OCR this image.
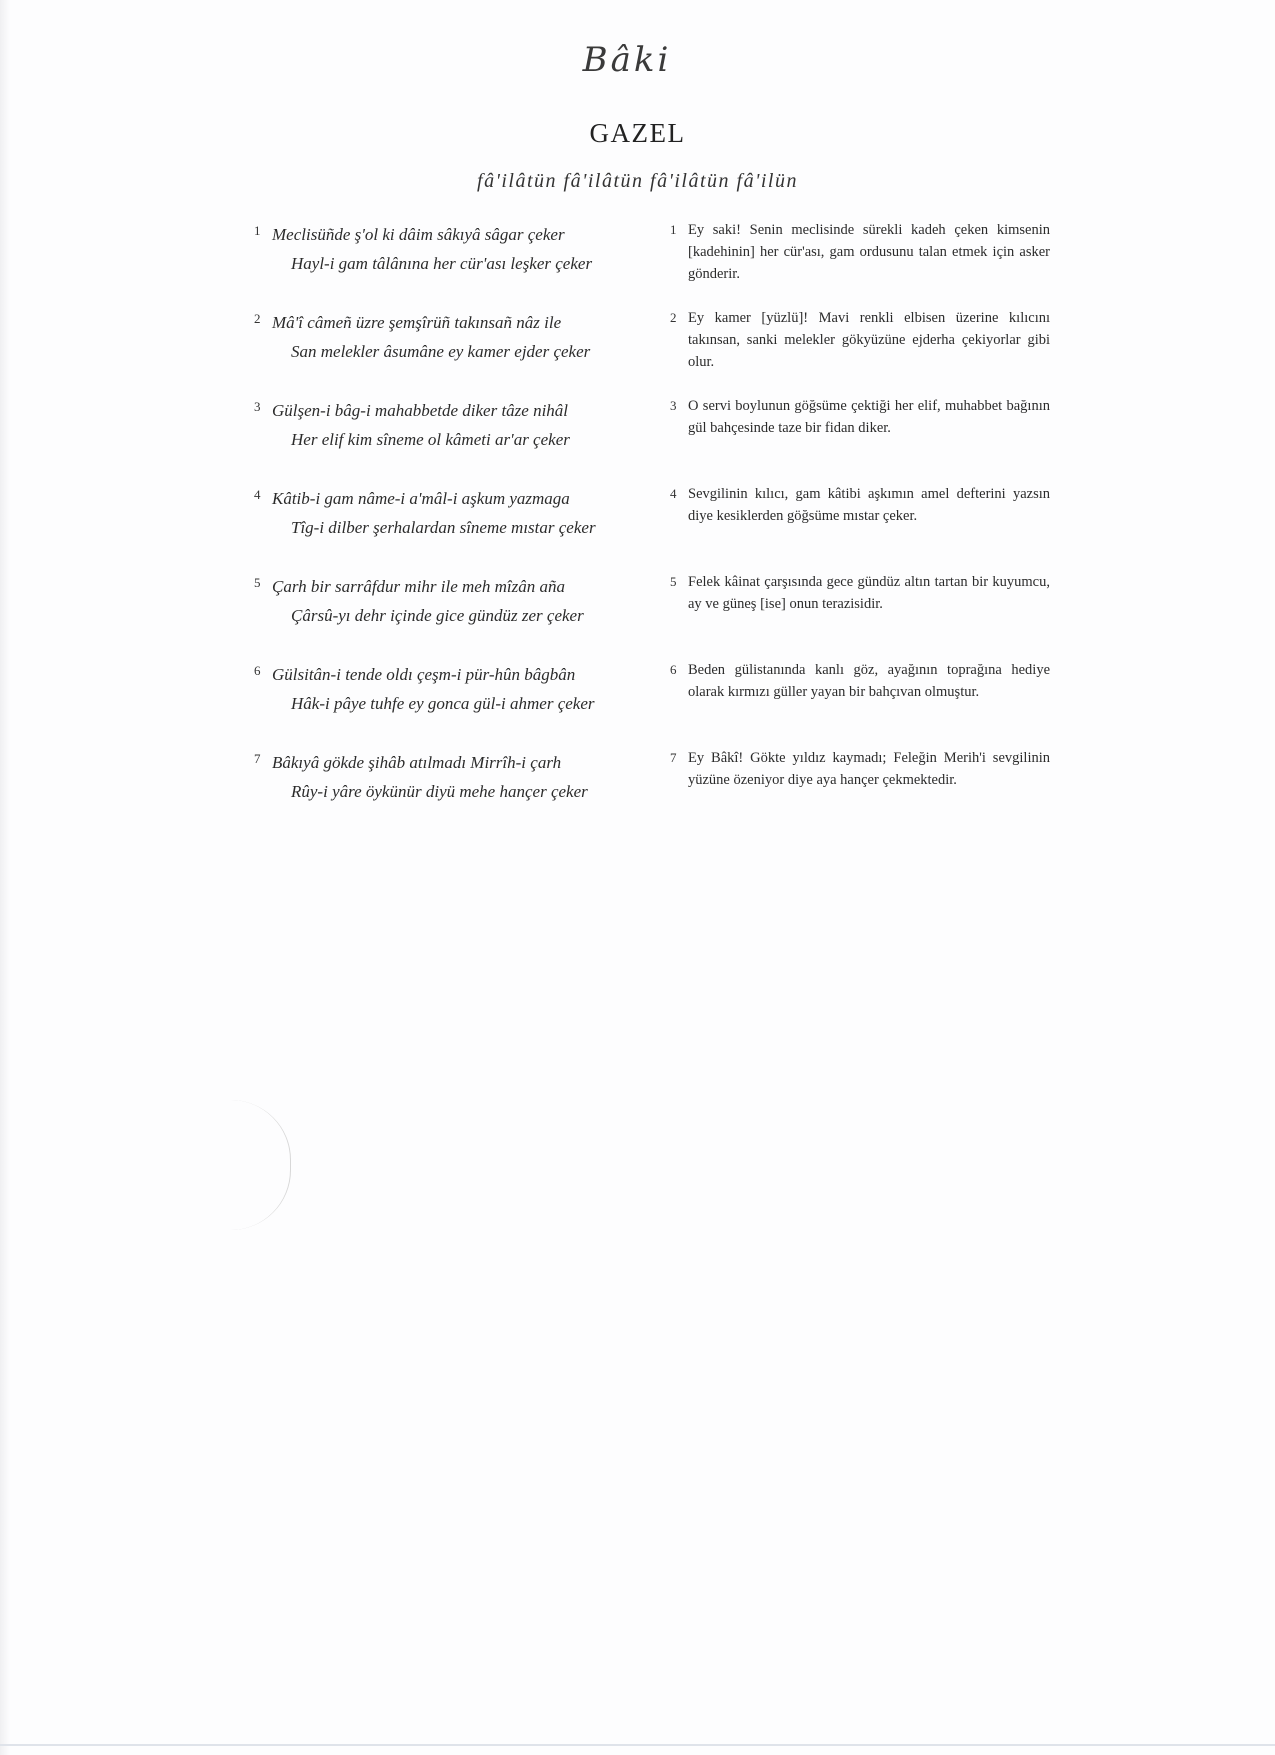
Bâki
GAZEL
fâ'ilâtün fâ'ilâtün fâ'ilâtün fâ'ilün
1 Meclisüñde ş'ol ki dâim sâkıyâ sâgar çeker
Hayl-i gam tâlânına her cür'ası leşker çeker
1 Ey saki! Senin meclisinde sürekli kadeh çeken kimsenin [kadehinin] her cür'ası, gam ordusunu talan etmek için asker gönderir.
2 Mâ'î câmeñ üzre şemşîrüñ takınsañ nâz ile
San melekler âsumâne ey kamer ejder çeker
2 Ey kamer [yüzlü]! Mavi renkli elbisen üzerine kılıcını takınsan, sanki melekler gökyüzüne ejderha çekiyorlar gibi olur.
3 Gülşen-i bâg-i mahabbetde diker tâze nihâl
Her elif kim sîneme ol kâmeti ar'ar çeker
3 O servi boylunun göğsüme çektiği her elif, muhabbet bağının gül bahçesinde taze bir fidan diker.
4 Kâtib-i gam nâme-i a'mâl-i aşkum yazmaga
Tîg-i dilber şerhalardan sîneme mıstar çeker
4 Sevgilinin kılıcı, gam kâtibi aşkımın amel defterini yazsın diye kesiklerden göğsüme mıstar çeker.
5 Çarh bir sarrâfdur mihr ile meh mîzân aña
Çârsû-yı dehr içinde gice gündüz zer çeker
5 Felek kâinat çarşısında gece gündüz altın tartan bir kuyumcu, ay ve güneş [ise] onun terazisidir.
6 Gülsitân-i tende oldı çeşm-i pür-hûn bâgbân
Hâk-i pâye tuhfe ey gonca gül-i ahmer çeker
6 Beden gülistanında kanlı göz, ayağının toprağına hediye olarak kırmızı güller yayan bir bahçıvan olmuştur.
7 Bâkıyâ gökde şihâb atılmadı Mirrîh-i çarh
Rûy-i yâre öykünür diyü mehe hançer çeker
7 Ey Bâkî! Gökte yıldız kaymadı; Feleğin Merih'i sevgilinin yüzüne özeniyor diye aya hançer çekmektedir.
